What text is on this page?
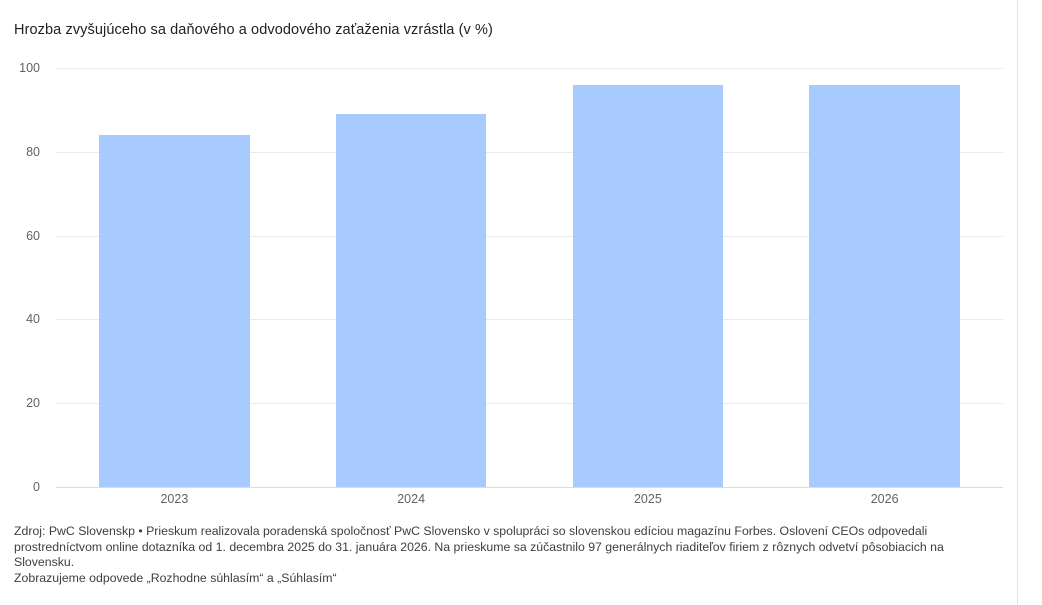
Hrozba zvyšujúceho sa daňového a odvodového zaťaženia vzrástla (v %)
0
20
40
60
80
100
2023	2024	2025	2026
Zdroj: PwC Slovenskp • Prieskum realizovala poradenská spoločnosť PwC Slovensko v spolupráci so slovenskou edíciou magazínu Forbes. Oslovení CEOs odpovedali prostredníctvom online dotazníka od 1. decembra 2025 do 31. januára 2026. Na prieskume sa zúčastnilo 97 generálnych riaditeľov firiem z rôznych odvetví pôsobiacich na Slovensku.
Zobrazujeme odpovede „Rozhodne súhlasím“ a „Súhlasím“
